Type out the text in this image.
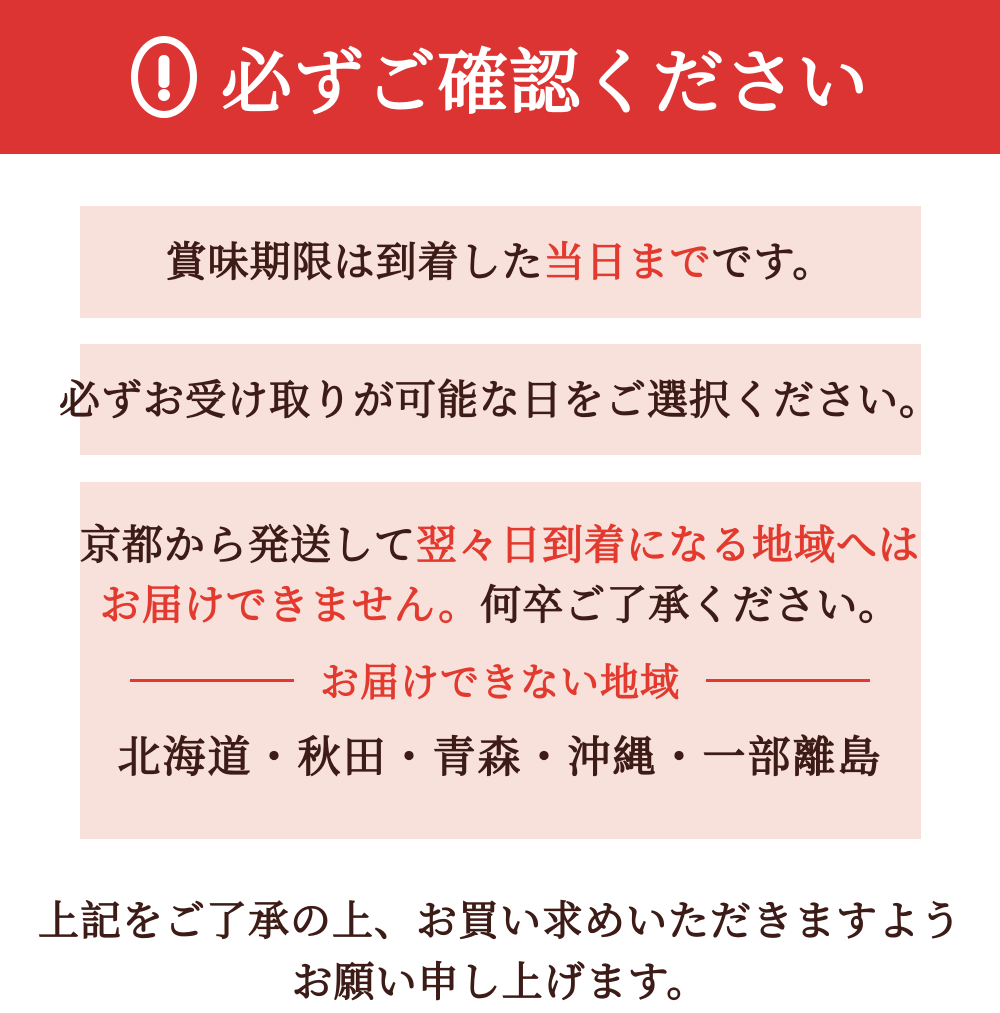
必ずご確認ください

賞味期限は到着した当日までです。

必ずお受け取りが可能な日をご選択ください。

京都から発送して翌々日到着になる地域へは

お届けできません。何卒ご了承ください。

お届けできない地域

北海道・秋田・青森・沖縄・一部離島

上記をご了承の上、お買い求めいただきますよう

お願い申し上げます。
